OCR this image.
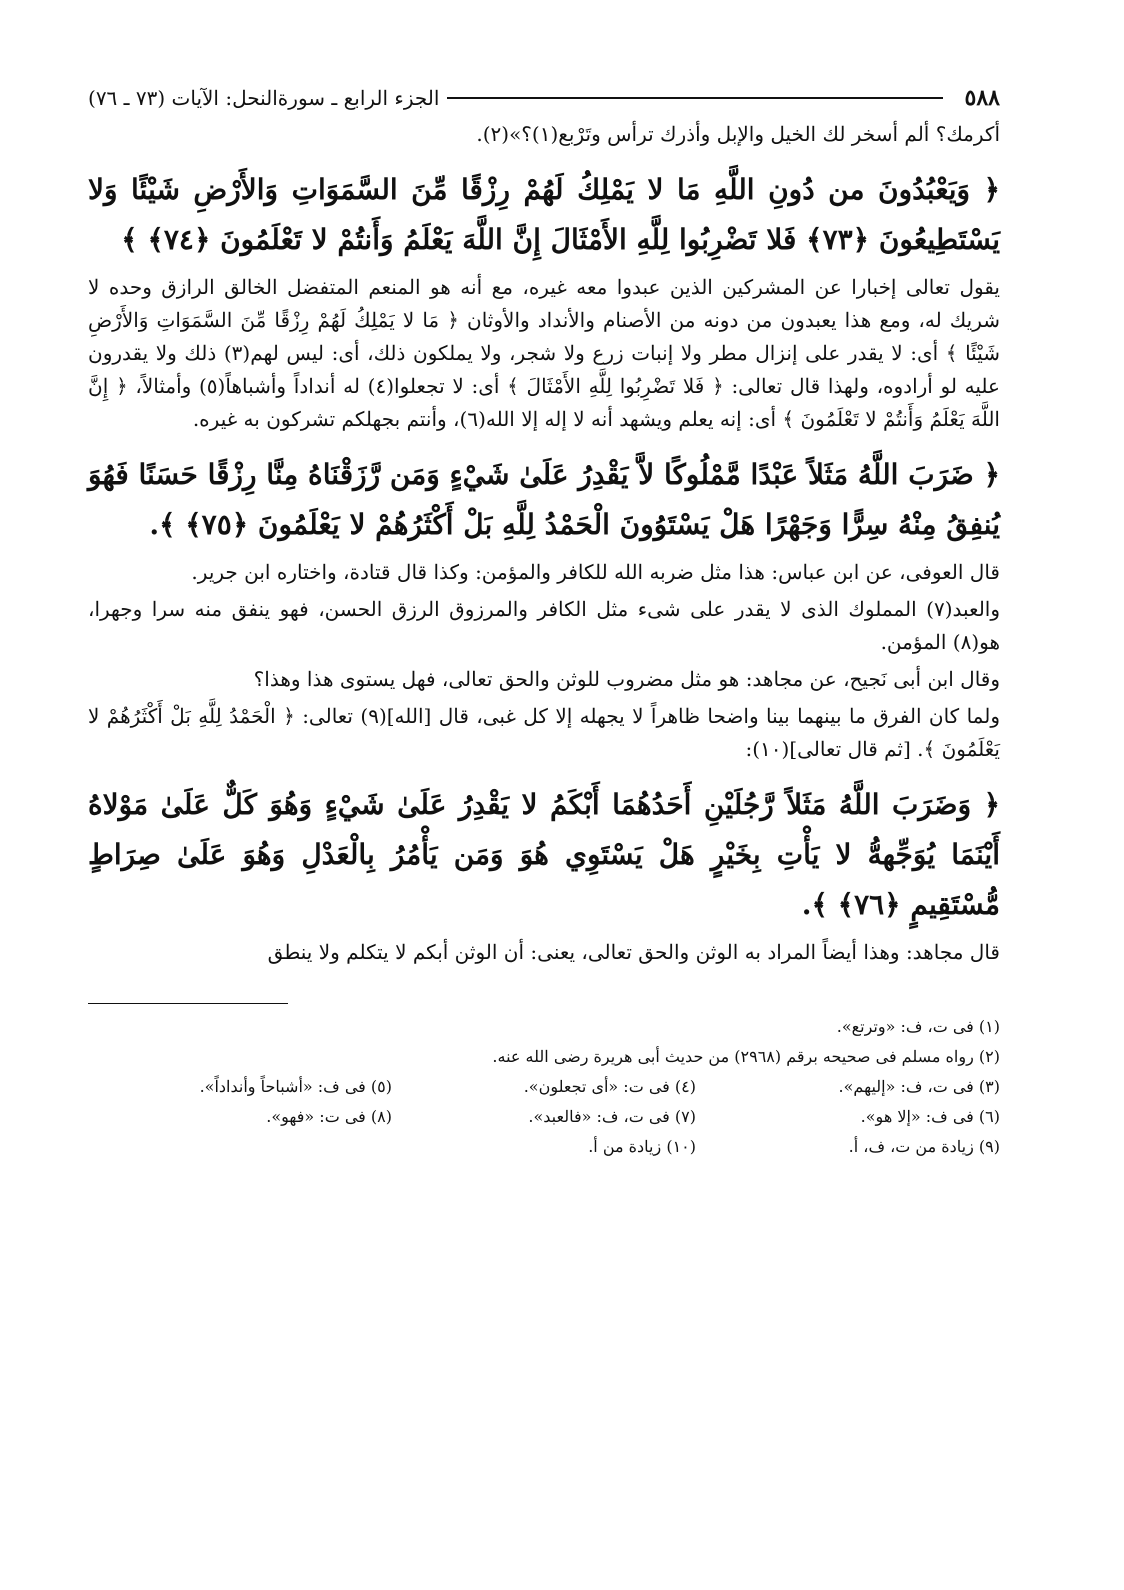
٥٨٨
الجزء الرابع ـ سورةالنحل: الآيات (٧٣ ـ ٧٦)

أكرمك؟ ألم أسخر لك الخيل والإبل وأذرك ترأس وتَرْبع(١)؟»(٢).

﴿ وَيَعْبُدُونَ من دُونِ اللَّهِ مَا لا يَمْلِكُ لَهُمْ رِزْقًا مِّنَ السَّمَوَاتِ وَالأَرْضِ شَيْئًا وَلا يَسْتَطِيعُونَ ﴿٧٣﴾ فَلا تَضْرِبُوا لِلَّهِ الأَمْثَالَ إِنَّ اللَّهَ يَعْلَمُ وَأَنتُمْ لا تَعْلَمُونَ ﴿٧٤﴾ ﴾

يقول تعالى إخبارا عن المشركين الذين عبدوا معه غيره، مع أنه هو المنعم المتفضل الخالق الرازق وحده لا شريك له، ومع هذا يعبدون من دونه من الأصنام والأنداد والأوثان ﴿ مَا لا يَمْلِكُ لَهُمْ رِزْقًا مِّنَ السَّمَوَاتِ وَالأَرْضِ شَيْئًا ﴾ أى: لا يقدر على إنزال مطر ولا إنبات زرع ولا شجر، ولا يملكون ذلك، أى: ليس لهم(٣) ذلك ولا يقدرون عليه لو أرادوه، ولهذا قال تعالى: ﴿ فَلا تَضْرِبُوا لِلَّهِ الأَمْثَالَ ﴾ أى: لا تجعلوا(٤) له أنداداً وأشباهاً(٥) وأمثالاً، ﴿ إِنَّ اللَّهَ يَعْلَمُ وَأَنتُمْ لا تَعْلَمُونَ ﴾ أى: إنه يعلم ويشهد أنه لا إله إلا الله(٦)، وأنتم بجهلكم تشركون به غيره.

﴿ ضَرَبَ اللَّهُ مَثَلاً عَبْدًا مَّمْلُوكًا لاَّ يَقْدِرُ عَلَىٰ شَيْءٍ وَمَن رَّزَقْنَاهُ مِنَّا رِزْقًا حَسَنًا فَهُوَ يُنفِقُ مِنْهُ سِرًّا وَجَهْرًا هَلْ يَسْتَوُونَ الْحَمْدُ لِلَّهِ بَلْ أَكْثَرُهُمْ لا يَعْلَمُونَ ﴿٧٥﴾ ﴾.

قال العوفى، عن ابن عباس: هذا مثل ضربه الله للكافر والمؤمن: وكذا قال قتادة، واختاره ابن جرير.

والعبد(٧) المملوك الذى لا يقدر على شىء مثل الكافر والمرزوق الرزق الحسن، فهو ينفق منه سرا وجهرا، هو(٨) المؤمن.

وقال ابن أبى نَجيح، عن مجاهد: هو مثل مضروب للوثن والحق تعالى، فهل يستوى هذا وهذا؟

ولما كان الفرق ما بينهما بينا واضحا ظاهراً لا يجهله إلا كل غبى، قال [الله](٩) تعالى: ﴿ الْحَمْدُ لِلَّهِ بَلْ أَكْثَرُهُمْ لا يَعْلَمُونَ ﴾. [ثم قال تعالى](١٠):

﴿ وَضَرَبَ اللَّهُ مَثَلاً رَّجُلَيْنِ أَحَدُهُمَا أَبْكَمُ لا يَقْدِرُ عَلَىٰ شَيْءٍ وَهُوَ كَلٌّ عَلَىٰ مَوْلاهُ أَيْنَمَا يُوَجِّههُّ لا يَأْتِ بِخَيْرٍ هَلْ يَسْتَوِي هُوَ وَمَن يَأْمُرُ بِالْعَدْلِ وَهُوَ عَلَىٰ صِرَاطٍ مُّسْتَقِيمٍ ﴿٧٦﴾ ﴾.

قال مجاهد: وهذا أيضاً المراد به الوثن والحق تعالى، يعنى: أن الوثن أبكم لا يتكلم ولا ينطق

(١) فى ت، ف: «وترتع».
(٢) رواه مسلم فى صحيحه برقم (٢٩٦٨) من حديث أبى هريرة رضى الله عنه.
(٣) فى ت، ف: «إليهم».
(٤) فى ت: «أى تجعلون».
(٥) فى ف: «أشباحاً وأنداداً».
(٦) فى ف: «إلا هو».
(٧) فى ت، ف: «فالعبد».
(٨) فى ت: «فهو».
(٩) زيادة من ت، ف، أ.
(١٠) زيادة من أ.
